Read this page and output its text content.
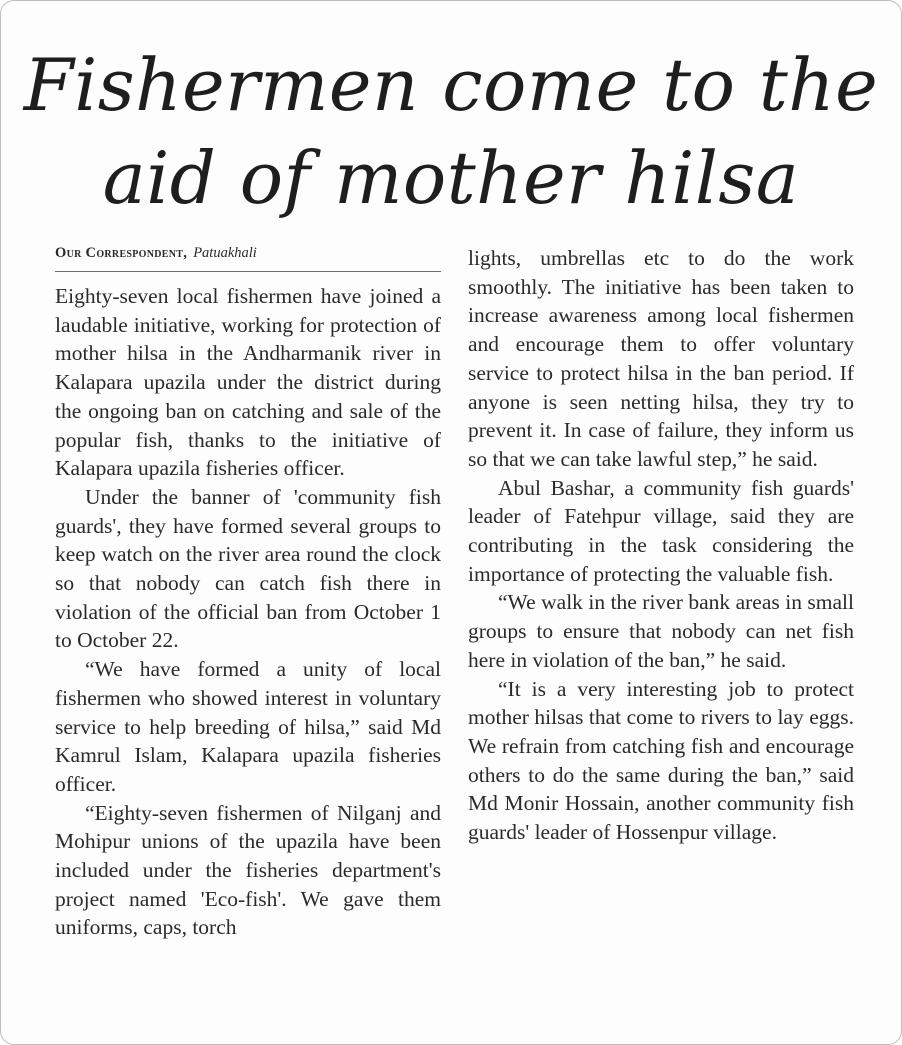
Fishermen come to the aid of mother hilsa
Our Correspondent, Patuakhali

Eighty-seven local fishermen have joined a laudable initiative, working for protection of mother hilsa in the Andharmanik river in Kalapara upazila under the district during the ongoing ban on catching and sale of the popular fish, thanks to the initiative of Kalapara upazila fisheries officer.

Under the banner of 'community fish guards', they have formed several groups to keep watch on the river area round the clock so that nobody can catch fish there in violation of the official ban from October 1 to October 22.

“We have formed a unity of local fishermen who showed interest in voluntary service to help breeding of hilsa,” said Md Kamrul Islam, Kalapara upazila fisheries officer.

“Eighty-seven fishermen of Nilganj and Mohipur unions of the upazila have been included under the fisheries department's project named 'Eco-fish'. We gave them uniforms, caps, torch

lights, umbrellas etc to do the work smoothly. The initiative has been taken to increase awareness among local fishermen and encourage them to offer voluntary service to protect hilsa in the ban period. If anyone is seen netting hilsa, they try to prevent it. In case of failure, they inform us so that we can take lawful step,” he said.

Abul Bashar, a community fish guards' leader of Fatehpur village, said they are contributing in the task considering the importance of protecting the valuable fish.

“We walk in the river bank areas in small groups to ensure that nobody can net fish here in violation of the ban,” he said.

“It is a very interesting job to protect mother hilsas that come to rivers to lay eggs. We refrain from catching fish and encourage others to do the same during the ban,” said Md Monir Hossain, another community fish guards' leader of Hossenpur village.
